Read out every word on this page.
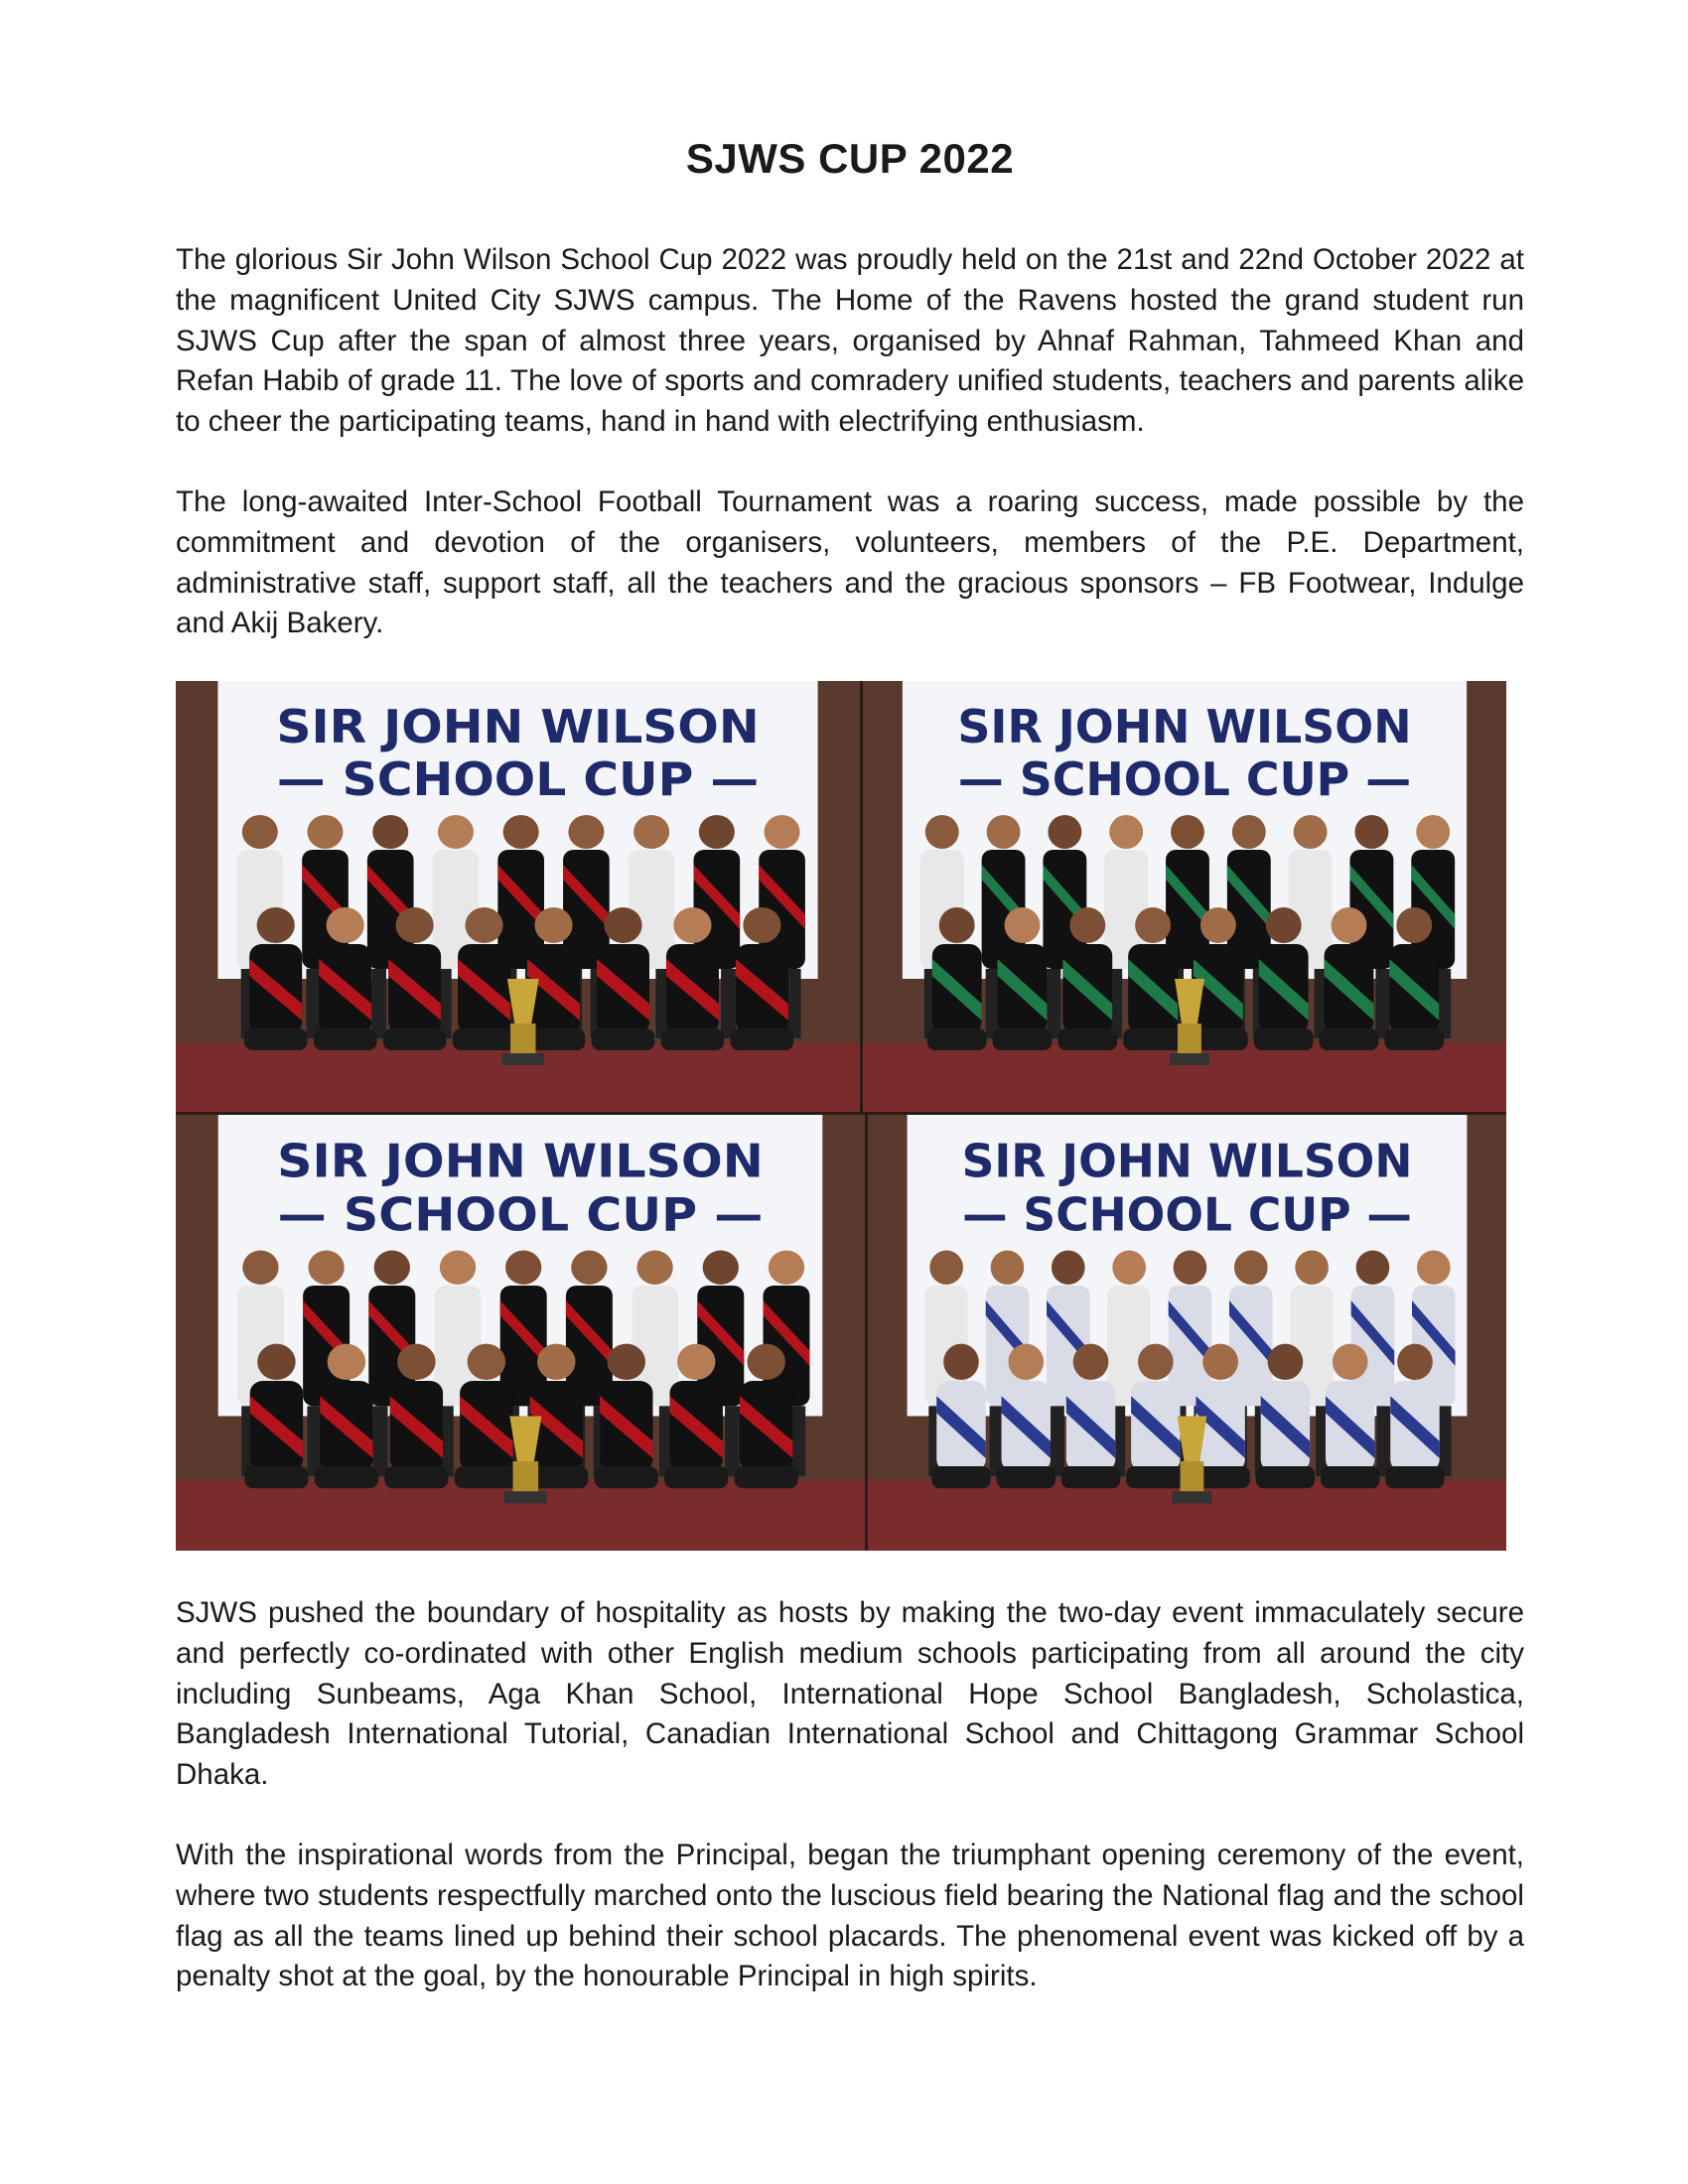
SJWS CUP 2022

The glorious Sir John Wilson School Cup 2022 was proudly held on the 21st and 22nd October 2022 at the magnificent United City SJWS campus. The Home of the Ravens hosted the grand student run SJWS Cup after the span of almost three years, organised by Ahnaf Rahman, Tahmeed Khan and Refan Habib of grade 11. The love of sports and comradery unified students, teachers and parents alike to cheer the participating teams, hand in hand with electrifying enthusiasm.

The long-awaited Inter-School Football Tournament was a roaring success, made possible by the commitment and devotion of the organisers, volunteers, members of the P.E. Department, administrative staff, support staff, all the teachers and the gracious sponsors – FB Footwear, Indulge and Akij Bakery.

SIR JOHN WILSON
— SCHOOL CUP —
SIR JOHN WILSON
— SCHOOL CUP —
SIR JOHN WILSON
— SCHOOL CUP —
SIR JOHN WILSON
— SCHOOL CUP —

SJWS pushed the boundary of hospitality as hosts by making the two-day event immaculately secure and perfectly co-ordinated with other English medium schools participating from all around the city including Sunbeams, Aga Khan School, International Hope School Bangladesh, Scholastica, Bangladesh International Tutorial, Canadian International School and Chittagong Grammar School Dhaka.

With the inspirational words from the Principal, began the triumphant opening ceremony of the event, where two students respectfully marched onto the luscious field bearing the National flag and the school flag as all the teams lined up behind their school placards. The phenomenal event was kicked off by a penalty shot at the goal, by the honourable Principal in high spirits.
